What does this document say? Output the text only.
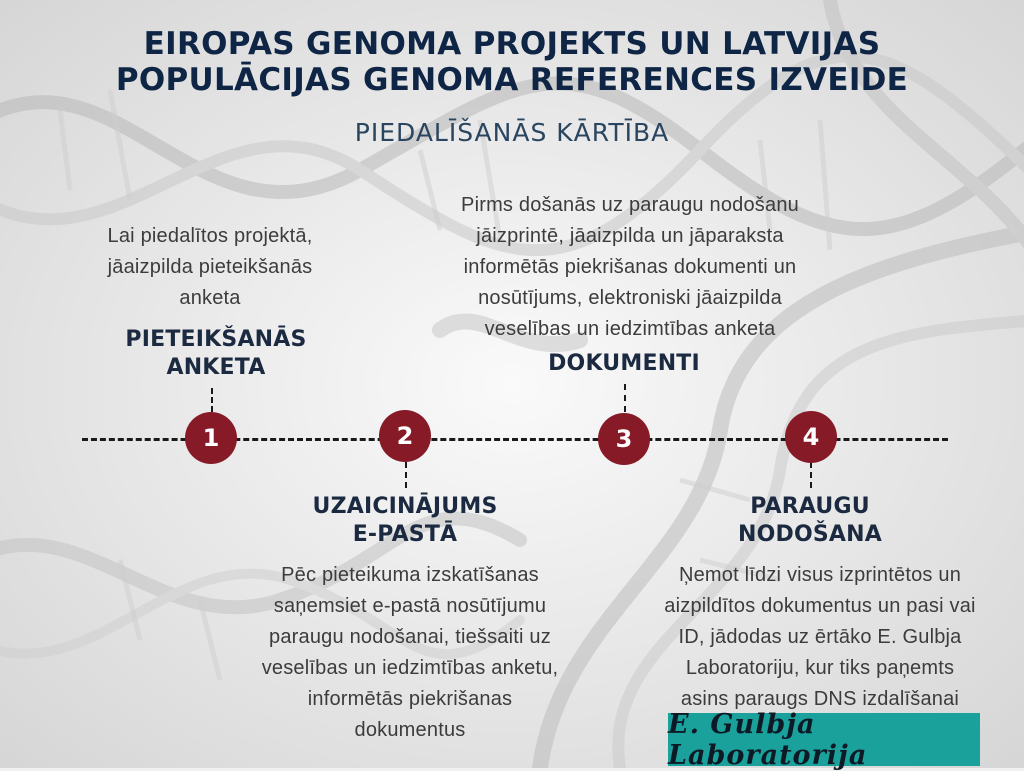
EIROPAS GENOMA PROJEKTS UN LATVIJAS
POPULĀCIJAS GENOMA REFERENCES IZVEIDE
PIEDALĪŠANĀS KĀRTĪBA
Pirms došanās uz paraugu nodošanu
jāizprintē, jāaizpilda un jāparaksta
informētās piekrišanas dokumenti un
nosūtījums, elektroniski jāaizpilda
veselības un iedzimtības anketa
Lai piedalītos projektā,
jāaizpilda pieteikšanās
anketa
PIETEIKŠANĀS
ANKETA	DOKUMENTI
1	2	3	4
UZAICINĀJUMS
E-PASTĀ
PARAUGU
NODOŠANA
Pēc pieteikuma izskatīšanas
saņemsiet e-pastā nosūtījumu
paraugu nodošanai, tiešsaiti uz
veselības un iedzimtības anketu,
informētās piekrišanas
dokumentus
Ņemot līdzi visus izprintētos un
aizpildītos dokumentus un pasi vai
ID, jādodas uz ērtāko E. Gulbja
Laboratoriju, kur tiks paņemts
asins paraugs DNS izdalīšanai
E. Gulbja Laboratorija
